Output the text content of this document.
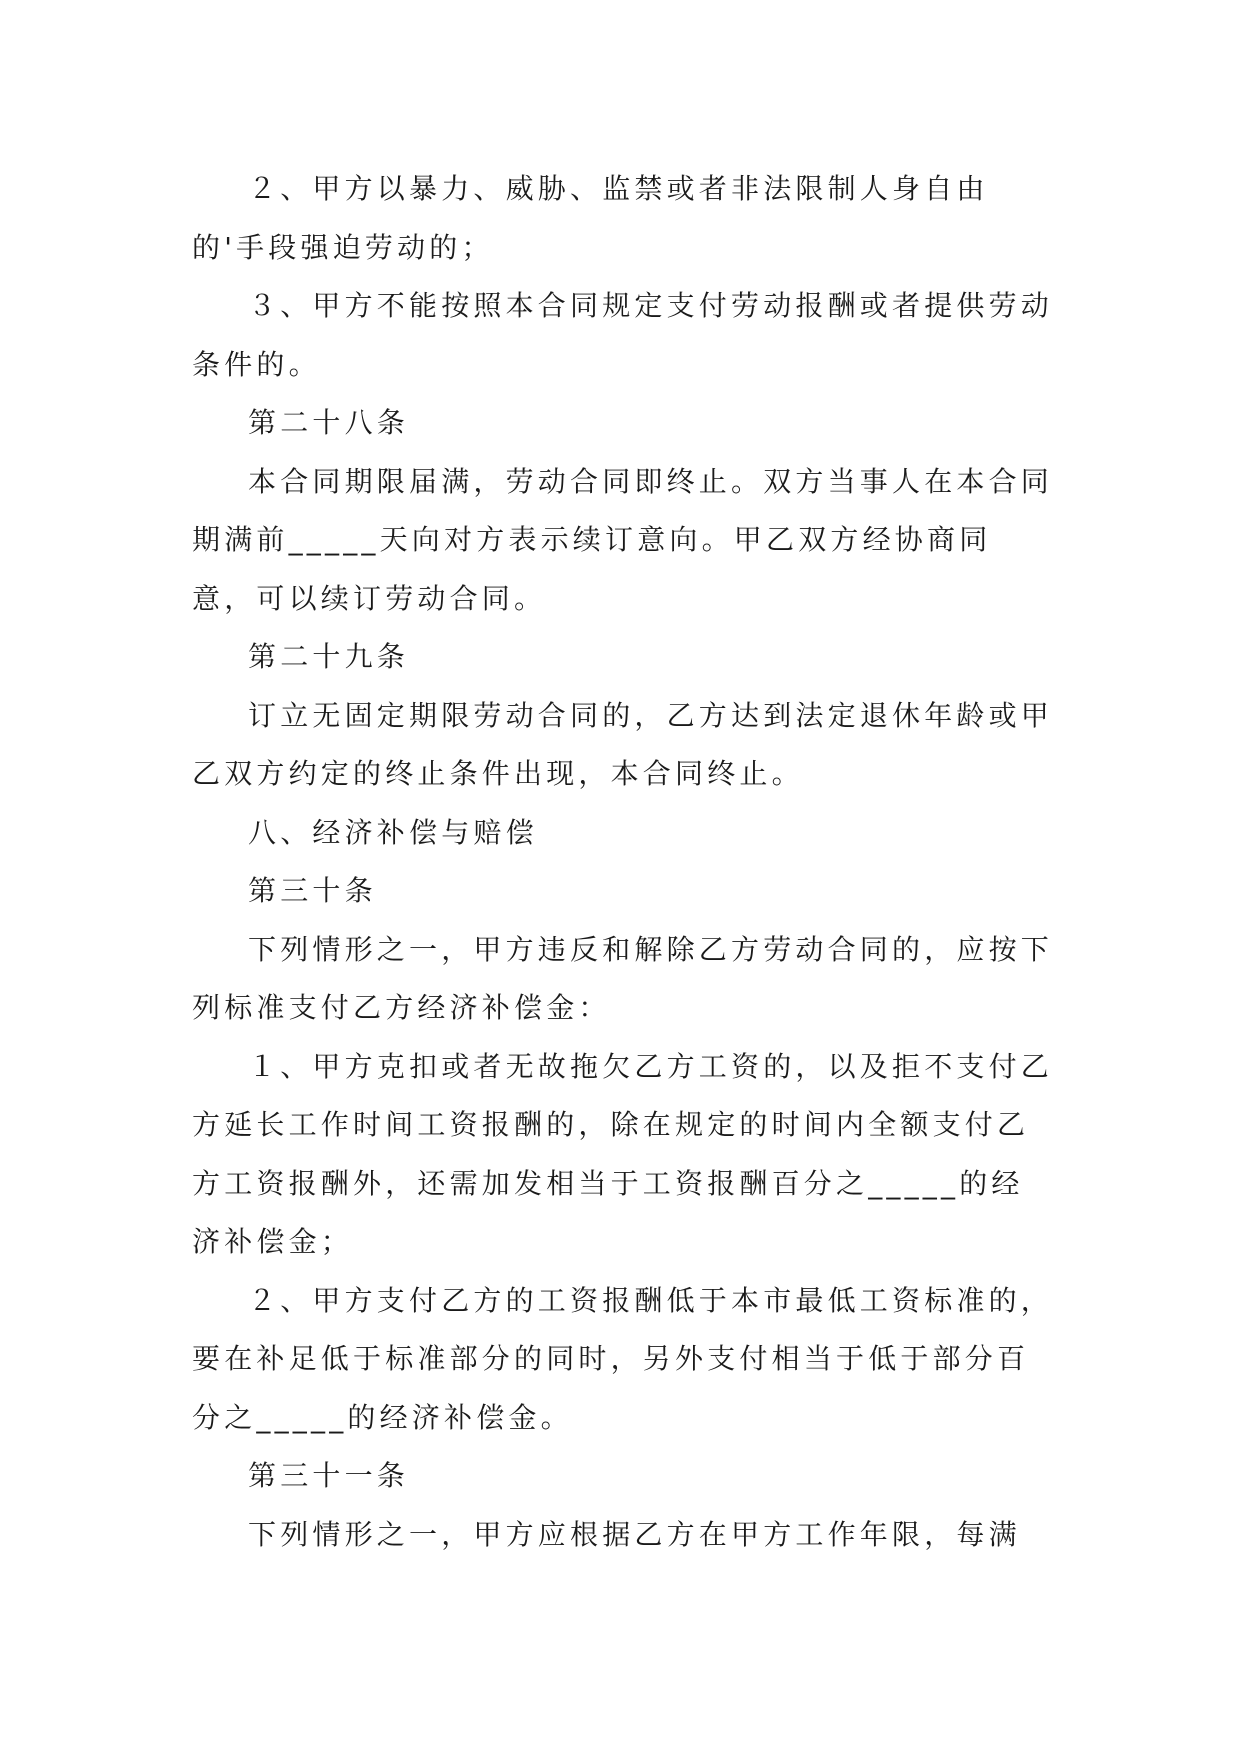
２、甲方以暴力、威胁、监禁或者非法限制人身自由的'手段强迫劳动的；

３、甲方不能按照本合同规定支付劳动报酬或者提供劳动条件的。

第二十八条

本合同期限届满，劳动合同即终止。双方当事人在本合同期满前_____天向对方表示续订意向。甲乙双方经协商同意，可以续订劳动合同。

第二十九条

订立无固定期限劳动合同的，乙方达到法定退休年龄或甲乙双方约定的终止条件出现，本合同终止。

八、经济补偿与赔偿

第三十条

下列情形之一，甲方违反和解除乙方劳动合同的，应按下列标准支付乙方经济补偿金：

１、甲方克扣或者无故拖欠乙方工资的，以及拒不支付乙方延长工作时间工资报酬的，除在规定的时间内全额支付乙方工资报酬外，还需加发相当于工资报酬百分之_____的经济补偿金；

２、甲方支付乙方的工资报酬低于本市最低工资标准的，要在补足低于标准部分的同时，另外支付相当于低于部分百分之_____的经济补偿金。

第三十一条

下列情形之一，甲方应根据乙方在甲方工作年限，每满
